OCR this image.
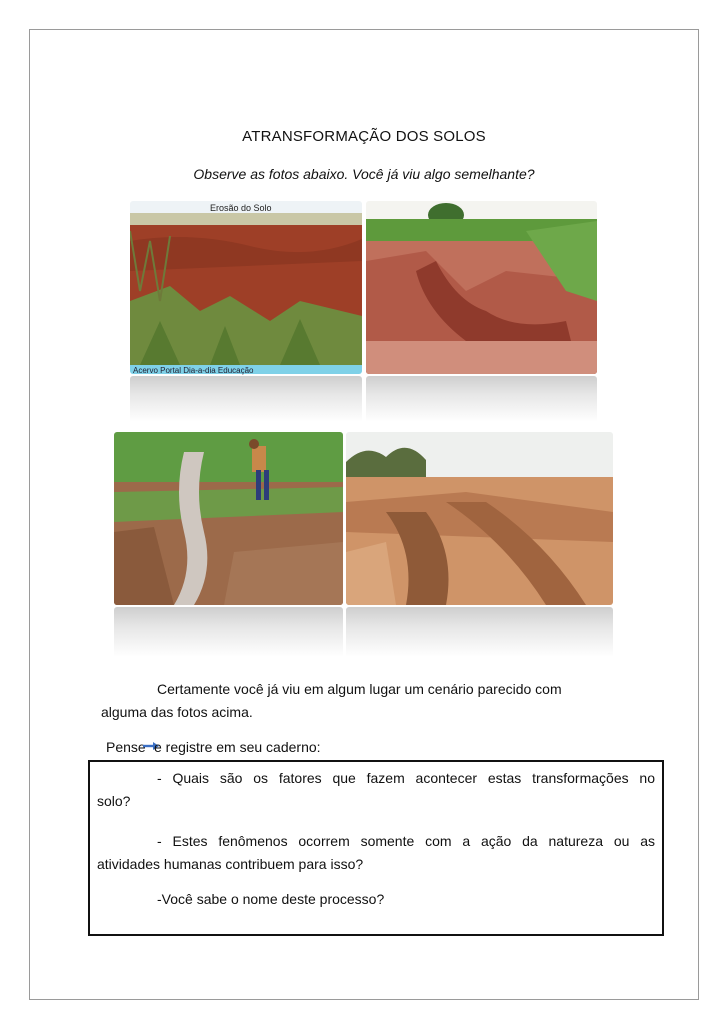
ATRANSFORMAÇÃO DOS SOLOS
Observe as fotos abaixo. Você já viu algo semelhante?
Erosão do Solo
Acervo Portal Dia-a-dia Educação
Certamente você já viu em algum lugar um cenário parecido com
alguma das fotos acima.
Pense e registre em seu caderno:
- Quais são os fatores que fazem acontecer estas transformações no
solo?
- Estes fenômenos ocorrem somente com a ação da natureza ou as
atividades humanas contribuem para isso?
-Você sabe o nome deste processo?
